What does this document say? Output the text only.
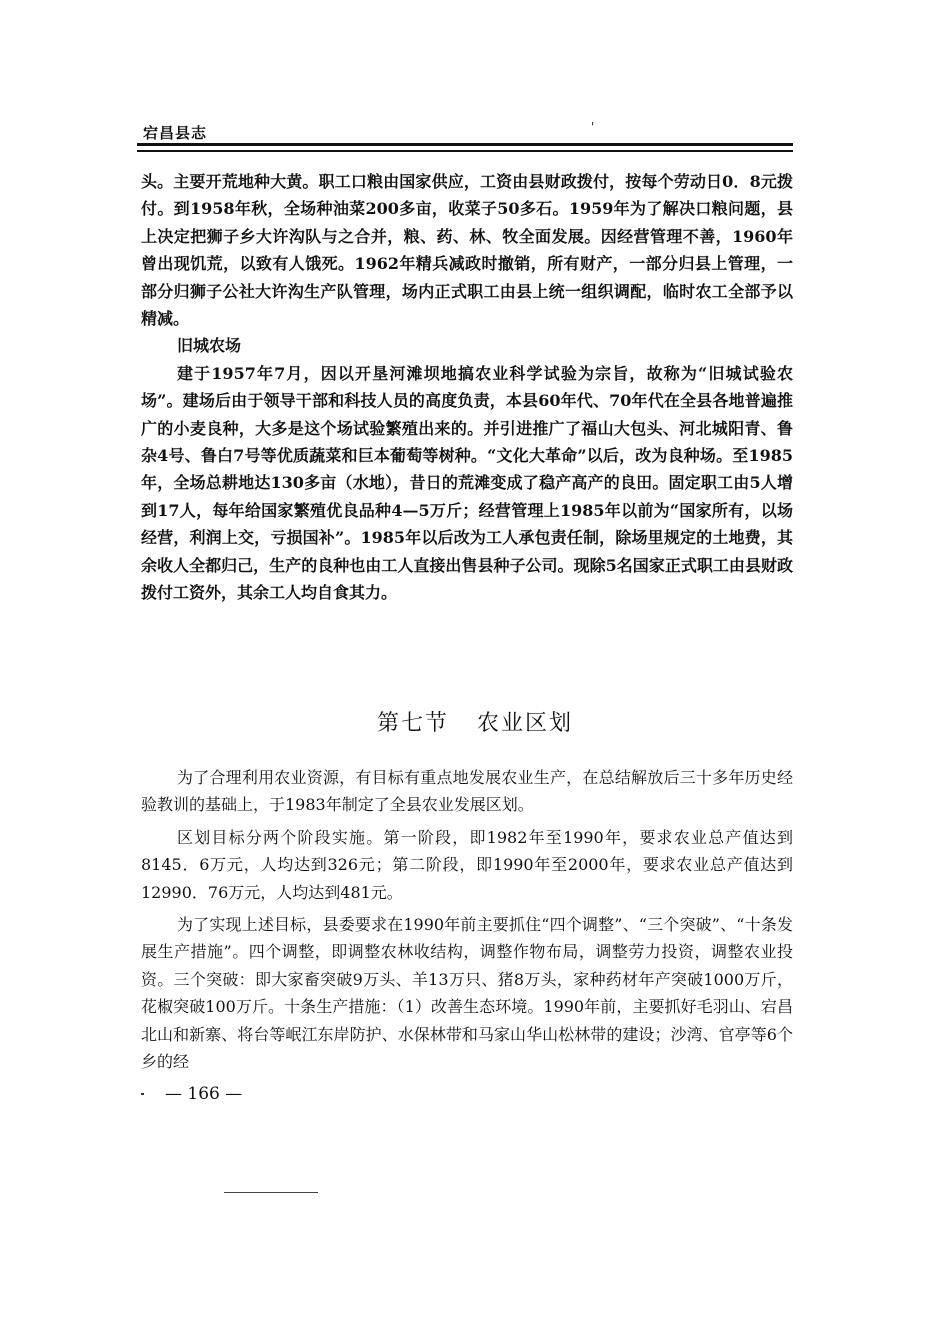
宕昌县志	'

头。主要开荒地种大黄。职工口粮由国家供应，工资由县财政拨付，按每个劳动日0．8元拨付。到1958年秋，全场种油菜200多亩，收菜子50多石。1959年为了解决口粮问题，县上决定把狮子乡大许沟队与之合并，粮、药、林、牧全面发展。因经营管理不善，1960年曾出现饥荒，以致有人饿死。1962年精兵减政时撤销，所有财产，一部分归县上管理，一部分归狮子公社大许沟生产队管理，场内正式职工由县上统一组织调配，临时农工全部予以精减。

旧城农场

建于1957年7月，因以开垦河滩坝地搞农业科学试验为宗旨，故称为“旧城试验农场”。建场后由于领导干部和科技人员的高度负责，本县60年代、70年代在全县各地普遍推广的小麦良种，大多是这个场试验繁殖出来的。并引进推广了福山大包头、河北城阳青、鲁杂4号、鲁白7号等优质蔬菜和巨本葡萄等树种。“文化大革命”以后，改为良种场。至1985年，全场总耕地达130多亩（水地），昔日的荒滩变成了稳产高产的良田。固定职工由5人增到17人，每年给国家繁殖优良品种4—5万斤；经营管理上1985年以前为“国家所有，以场经营，利润上交，亏损国补”。1985年以后改为工人承包责任制，除场里规定的土地费，其余收人全都归己，生产的良种也由工人直接出售县种子公司。现除5名国家正式职工由县财政拨付工资外，其余工人均自食其力。

第七节 农业区划

为了合理利用农业资源，有目标有重点地发展农业生产，在总结解放后三十多年历史经验教训的基础上，于1983年制定了全县农业发展区划。

区划目标分两个阶段实施。第一阶段，即1982年至1990年，要求农业总产值达到8145．6万元，人均达到326元；第二阶段，即1990年至2000年，要求农业总产值达到12990．76万元，人均达到481元。

为了实现上述目标，县委要求在1990年前主要抓住“四个调整”、“三个突破”、“十条发展生产措施”。四个调整，即调整农林收结构，调整作物布局，调整劳力投资，调整农业投资。三个突破：即大家畜突破9万头、羊13万只、猪8万头，家种药材年产突破1000万斤，花椒突破100万斤。十条生产措施：（1）改善生态环境。1990年前，主要抓好毛羽山、宕昌北山和新寨、将台等岷江东岸防护、水保林带和马家山华山松林带的建设；沙湾、官亭等6个乡的经

— 166 —
